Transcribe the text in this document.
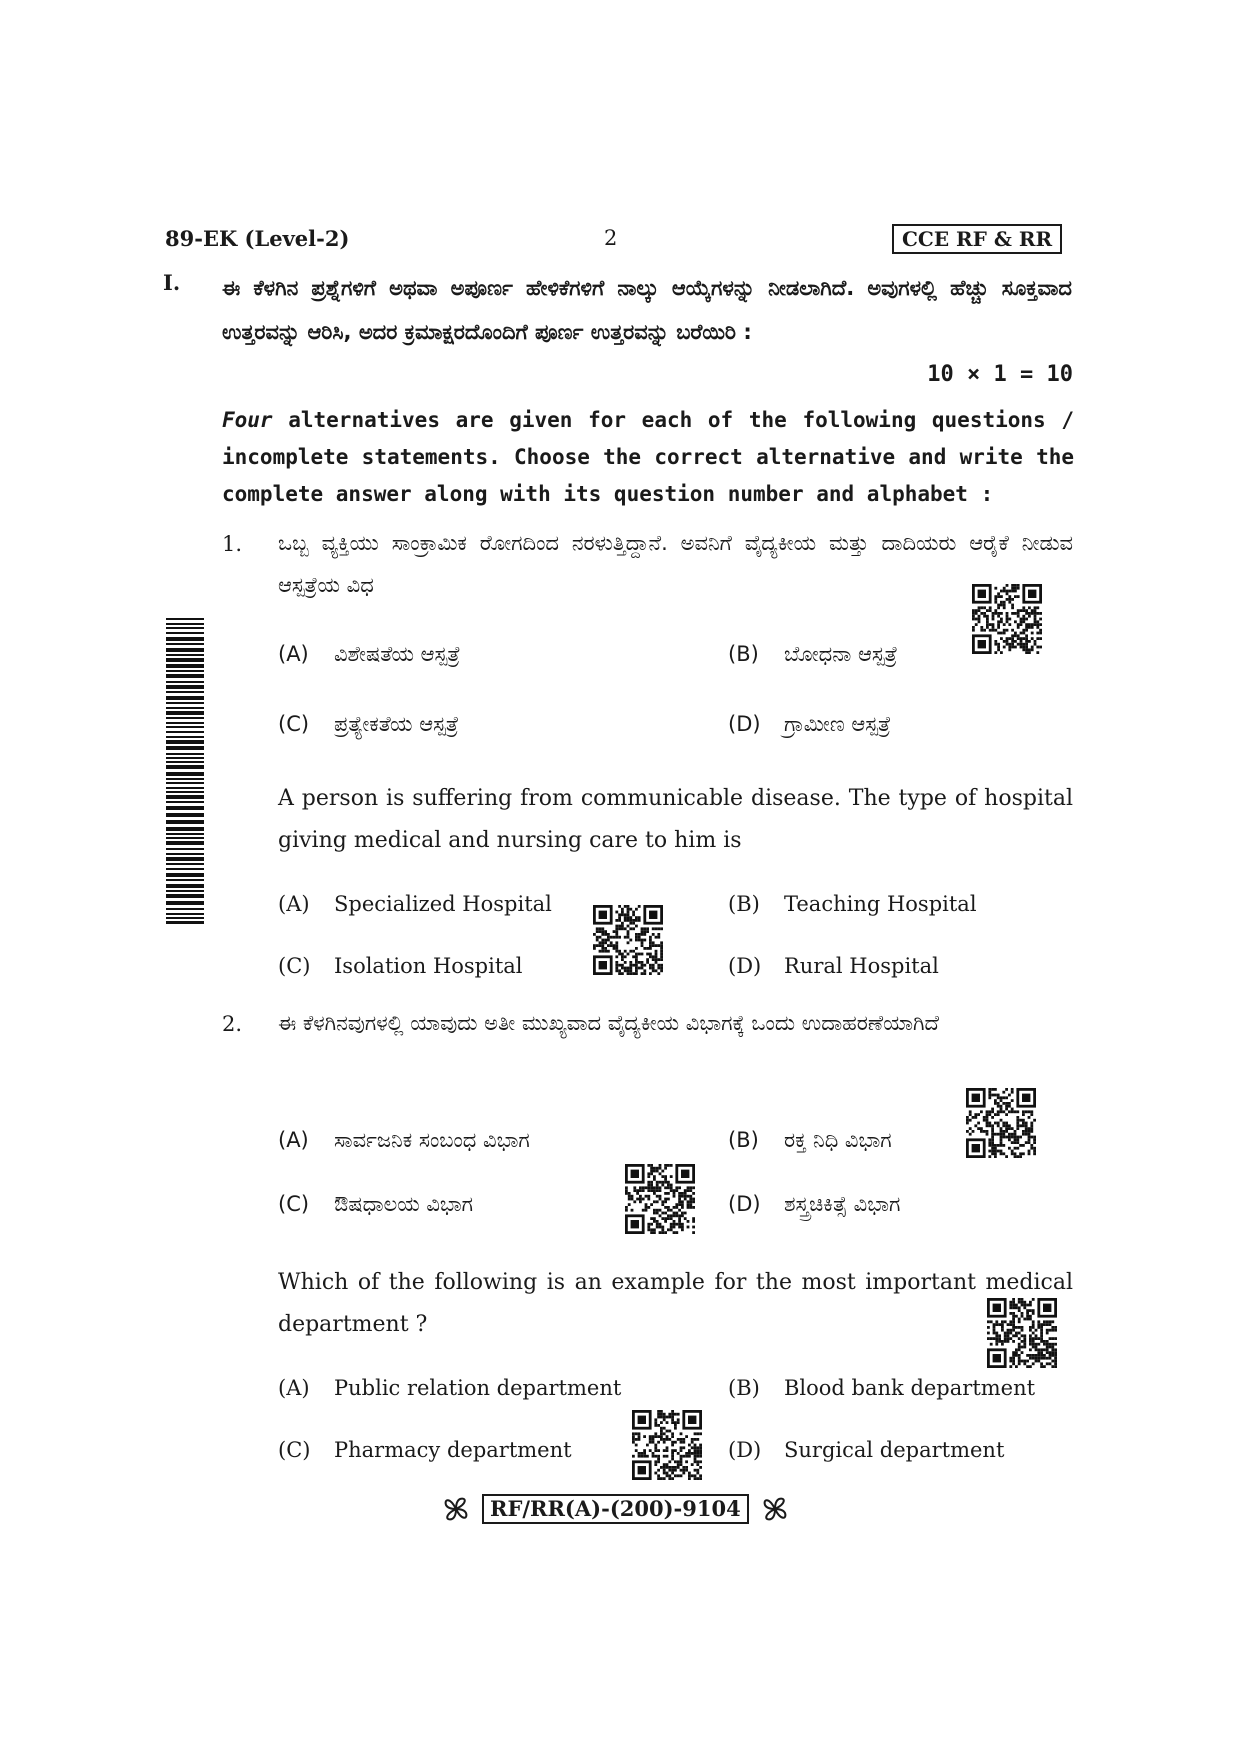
89-EK (Level-2)	2	CCE RF & RR
I. ಈ ಕೆಳಗಿನ ಪ್ರಶ್ನೆಗಳಿಗೆ ಅಥವಾ ಅಪೂರ್ಣ ಹೇಳಿಕೆಗಳಿಗೆ ನಾಲ್ಕು ಆಯ್ಕೆಗಳನ್ನು ನೀಡಲಾಗಿದೆ. ಅವುಗಳಲ್ಲಿ ಹೆಚ್ಚು ಸೂಕ್ತವಾದ ಉತ್ತರವನ್ನು ಆರಿಸಿ, ಅದರ ಕ್ರಮಾಕ್ಷರದೊಂದಿಗೆ ಪೂರ್ಣ ಉತ್ತರವನ್ನು ಬರೆಯಿರಿ :
10 × 1 = 10
Four alternatives are given for each of the following questions / incomplete statements. Choose the correct alternative and write the complete answer along with its question number and alphabet :
1. ಒಬ್ಬ ವ್ಯಕ್ತಿಯು ಸಾಂಕ್ರಾಮಿಕ ರೋಗದಿಂದ ನರಳುತ್ತಿದ್ದಾನೆ. ಅವನಿಗೆ ವೈದ್ಯಕೀಯ ಮತ್ತು ದಾದಿಯರು ಆರೈಕೆ ನೀಡುವ ಆಸ್ಪತ್ರೆಯ ವಿಧ
(A) ವಿಶೇಷತೆಯ ಆಸ್ಪತ್ರೆ	(B) ಬೋಧನಾ ಆಸ್ಪತ್ರೆ
(C) ಪ್ರತ್ಯೇಕತೆಯ ಆಸ್ಪತ್ರೆ	(D) ಗ್ರಾಮೀಣ ಆಸ್ಪತ್ರೆ
A person is suffering from communicable disease. The type of hospital giving medical and nursing care to him is
(A) Specialized Hospital	(B) Teaching Hospital
(C) Isolation Hospital	(D) Rural Hospital
2. ಈ ಕೆಳಗಿನವುಗಳಲ್ಲಿ ಯಾವುದು ಅತೀ ಮುಖ್ಯವಾದ ವೈದ್ಯಕೀಯ ವಿಭಾಗಕ್ಕೆ ಒಂದು ಉದಾಹರಣೆಯಾಗಿದೆ
(A) ಸಾರ್ವಜನಿಕ ಸಂಬಂಧ ವಿಭಾಗ	(B) ರಕ್ತ ನಿಧಿ ವಿಭಾಗ
(C) ಔಷಧಾಲಯ ವಿಭಾಗ	(D) ಶಸ್ತ್ರಚಿಕಿತ್ಸೆ ವಿಭಾಗ
Which of the following is an example for the most important medical department ?
(A) Public relation department	(B) Blood bank department
(C) Pharmacy department	(D) Surgical department
RF/RR(A)-(200)-9104
